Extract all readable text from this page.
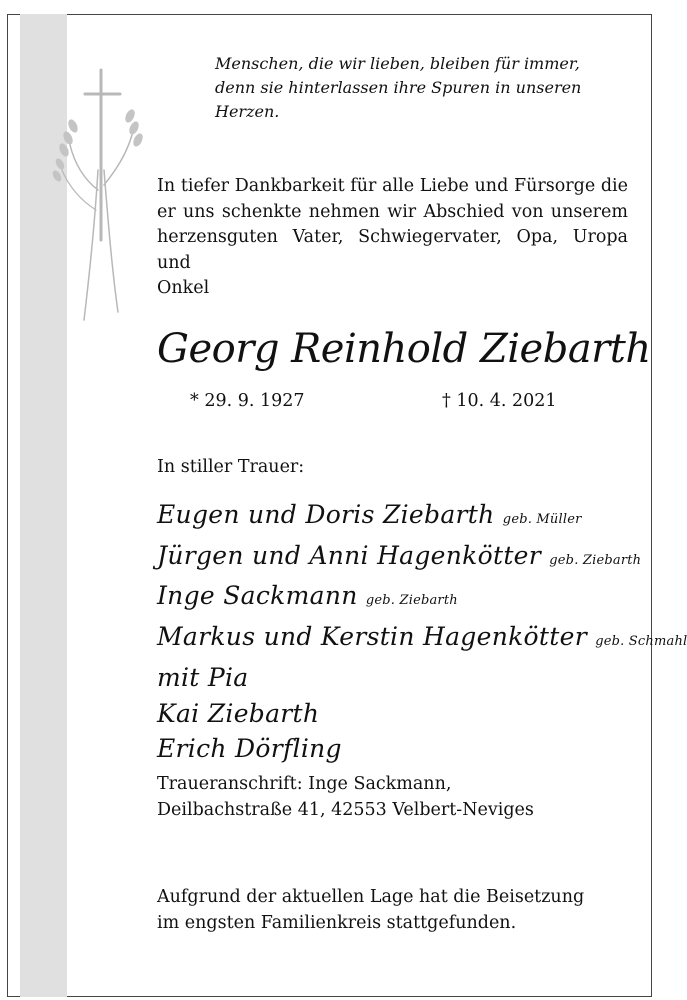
Menschen, die wir lieben, bleiben für immer,
denn sie hinterlassen ihre Spuren in unseren Herzen.
In tiefer Dankbarkeit für alle Liebe und Fürsorge die
er uns schenkte nehmen wir Abschied von unserem
herzensguten Vater, Schwiegervater, Opa, Uropa und
Onkel
Georg Reinhold Ziebarth
* 29. 9. 1927	† 10. 4. 2021
In stiller Trauer:
Eugen und Doris Ziebarth geb. Müller
Jürgen und Anni Hagenkötter geb. Ziebarth
Inge Sackmann geb. Ziebarth
Markus und Kerstin Hagenkötter geb. Schmahl
mit Pia
Kai Ziebarth
Erich Dörfling
Traueranschrift: Inge Sackmann,
Deilbachstraße 41, 42553 Velbert-Neviges
Aufgrund der aktuellen Lage hat die Beisetzung
im engsten Familienkreis stattgefunden.
